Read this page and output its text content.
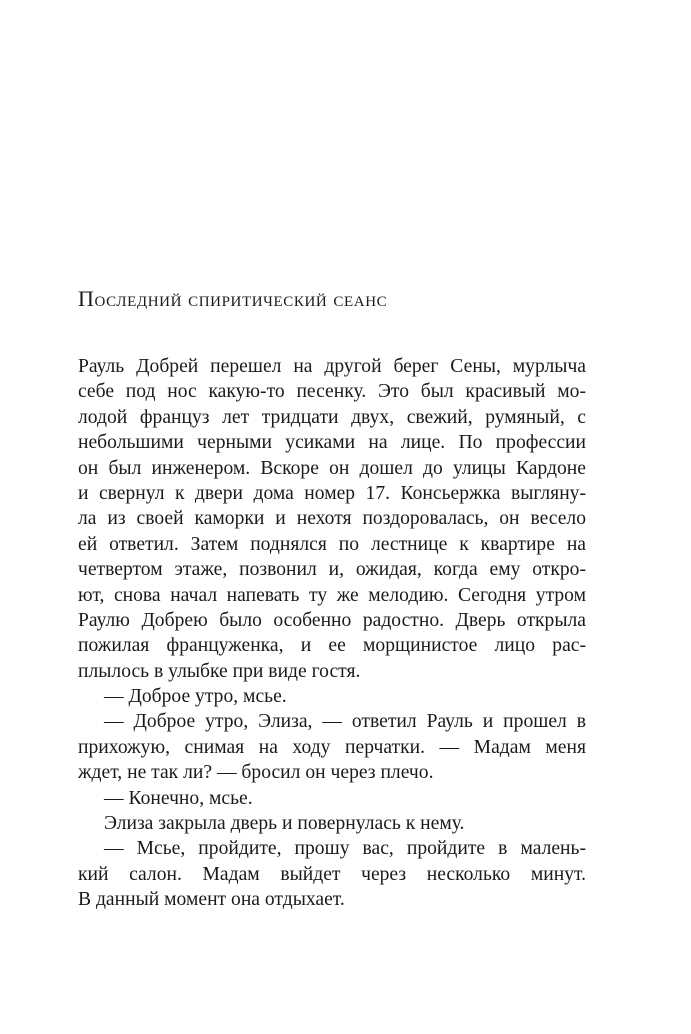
Последний спиритический сеанс
Рауль Добрей перешел на другой берег Сены, мурлыча
себе под нос какую-то песенку. Это был красивый мо-
лодой француз лет тридцати двух, свежий, румяный, с
небольшими черными усиками на лице. По профессии
он был инженером. Вскоре он дошел до улицы Кардоне
и свернул к двери дома номер 17. Консьержка выгляну-
ла из своей каморки и нехотя поздоровалась, он весело
ей ответил. Затем поднялся по лестнице к квартире на
четвертом этаже, позвонил и, ожидая, когда ему откро-
ют, снова начал напевать ту же мелодию. Сегодня утром
Раулю Добрею было особенно радостно. Дверь открыла
пожилая француженка, и ее морщинистое лицо рас-
плылось в улыбке при виде гостя.
— Доброе утро, мсье.
— Доброе утро, Элиза, — ответил Рауль и прошел в
прихожую, снимая на ходу перчатки. — Мадам меня
ждет, не так ли? — бросил он через плечо.
— Конечно, мсье.
Элиза закрыла дверь и повернулась к нему.
— Мсье, пройдите, прошу вас, пройдите в малень-
кий салон. Мадам выйдет через несколько минут.
В данный момент она отдыхает.
